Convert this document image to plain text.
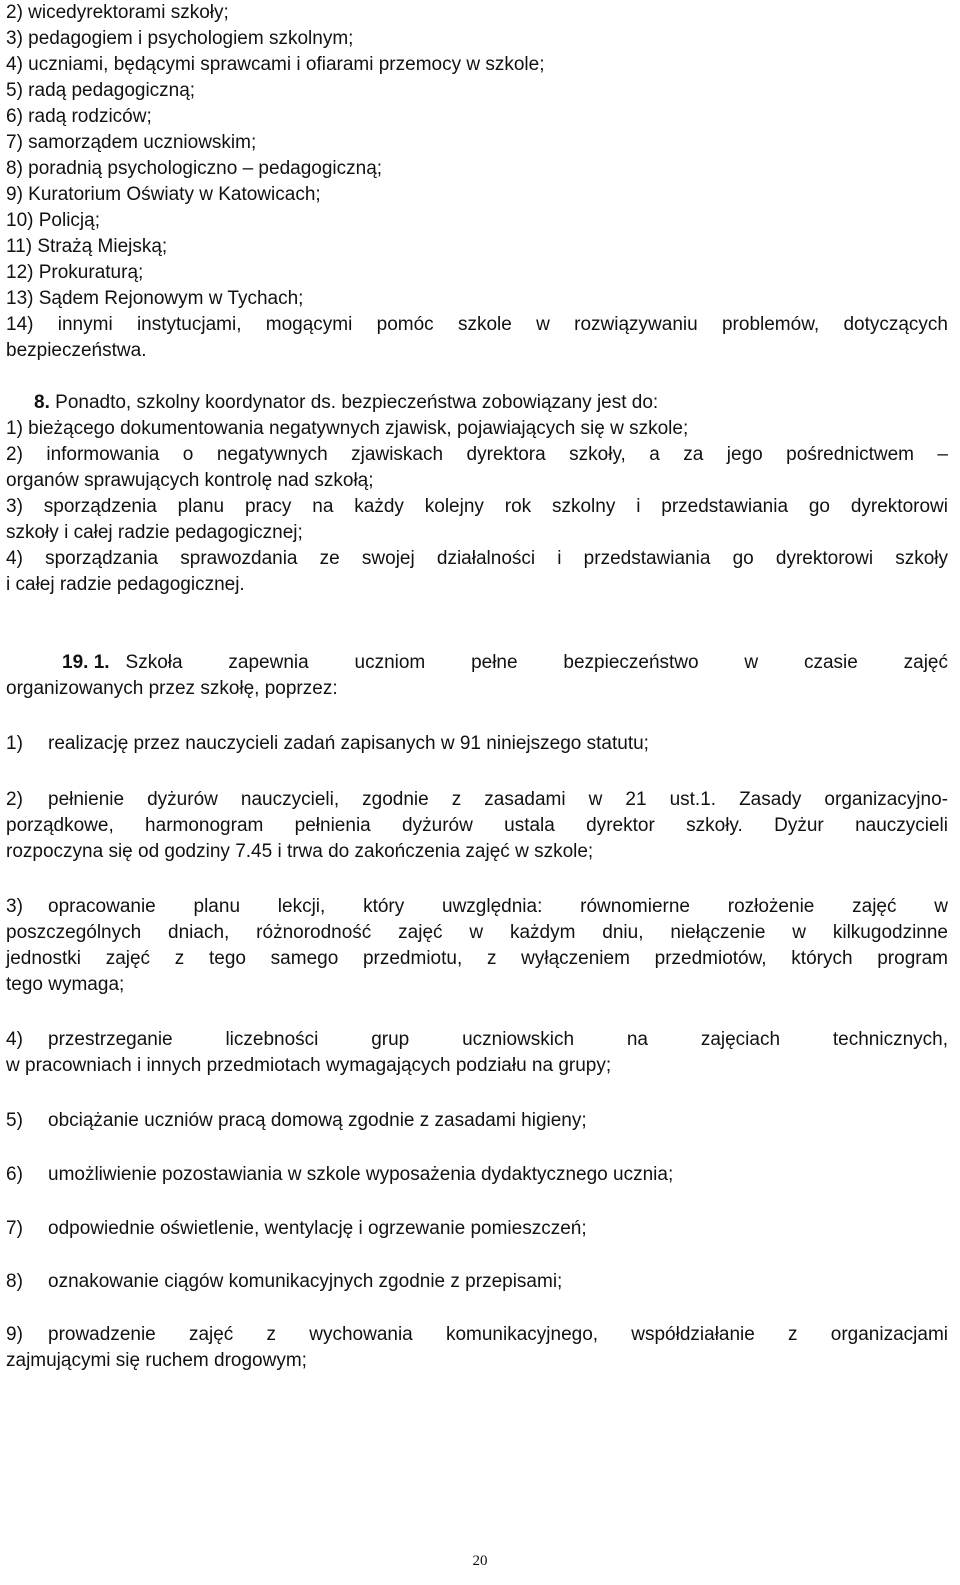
2) wicedyrektorami szkoły;
3) pedagogiem i psychologiem szkolnym;
4) uczniami, będącymi sprawcami i ofiarami przemocy w szkole;
5) radą pedagogiczną;
6) radą rodziców;
7) samorządem uczniowskim;
8) poradnią psychologiczno – pedagogiczną;
9) Kuratorium Oświaty w Katowicach;
10) Policją;
11) Strażą Miejską;
12) Prokuraturą;
13) Sądem Rejonowym w Tychach;
14) innymi instytucjami, mogącymi pomóc szkole w rozwiązywaniu problemów, dotyczących
bezpieczeństwa.
8. Ponadto, szkolny koordynator ds. bezpieczeństwa zobowiązany jest do:
1) bieżącego dokumentowania negatywnych zjawisk, pojawiających się w szkole;
2) informowania o negatywnych zjawiskach dyrektora szkoły, a za jego pośrednictwem –
organów sprawujących kontrolę nad szkołą;
3) sporządzenia planu pracy na każdy kolejny rok szkolny i przedstawiania go dyrektorowi
szkoły i całej radzie pedagogicznej;
4) sporządzania sprawozdania ze swojej działalności i przedstawiania go dyrektorowi szkoły
i całej radzie pedagogicznej.
19. 1. Szkoła zapewnia uczniom pełne bezpieczeństwo w czasie zajęć
organizowanych przez szkołę, poprzez:
1) realizację przez nauczycieli zadań zapisanych w 91 niniejszego statutu;
2)	pełnienie dyżurów nauczycieli, zgodnie z zasadami w 21 ust.1. Zasady organizacyjno-
porządkowe, harmonogram pełnienia dyżurów ustala dyrektor szkoły. Dyżur nauczycieli
rozpoczyna się od godziny 7.45 i trwa do zakończenia zajęć w szkole;
3)	opracowanie planu lekcji, który uwzględnia: równomierne rozłożenie zajęć w
poszczególnych dniach, różnorodność zajęć w każdym dniu, niełączenie w kilkugodzinne
jednostki zajęć z tego samego przedmiotu, z wyłączeniem przedmiotów, których program
tego wymaga;
4)	przestrzeganie liczebności grup uczniowskich na zajęciach technicznych,
w pracowniach i innych przedmiotach wymagających podziału na grupy;
5) obciążanie uczniów pracą domową zgodnie z zasadami higieny;
6) umożliwienie pozostawiania w szkole wyposażenia dydaktycznego ucznia;
7) odpowiednie oświetlenie, wentylację i ogrzewanie pomieszczeń;
8) oznakowanie ciągów komunikacyjnych zgodnie z przepisami;
9)	prowadzenie zajęć z wychowania komunikacyjnego, współdziałanie z organizacjami
zajmującymi się ruchem drogowym;
20
